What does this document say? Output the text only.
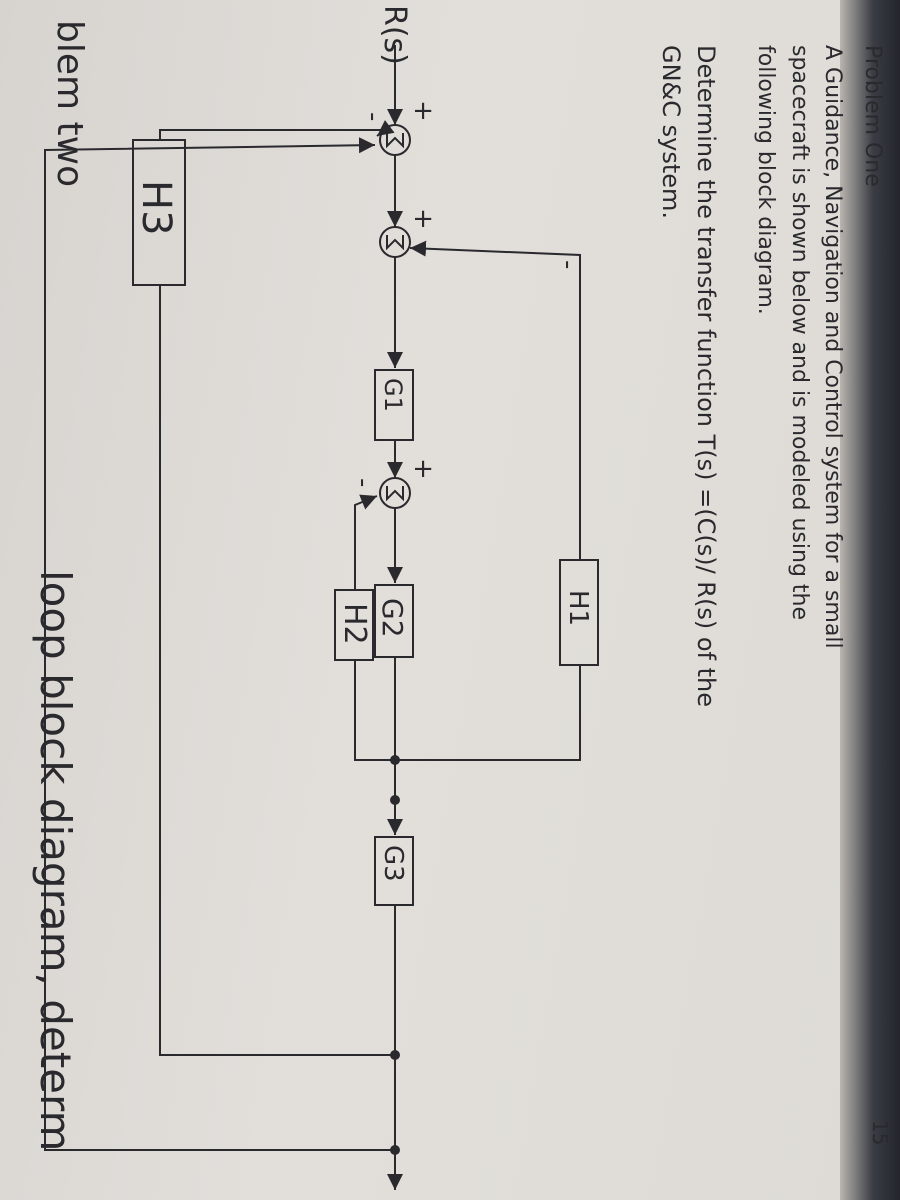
Problem One
15
A Guidance, Navigation and Control system for a small
spacecraft is shown below and is modeled using the
following block diagram.
Determine the transfer function T(s) =(C(s)/ R(s) of the
GN&C system.
blem two
loop block diagram, determ
R(s)
G1
G2
G3
H1
H2
H3
+
-
+
-
+
-
